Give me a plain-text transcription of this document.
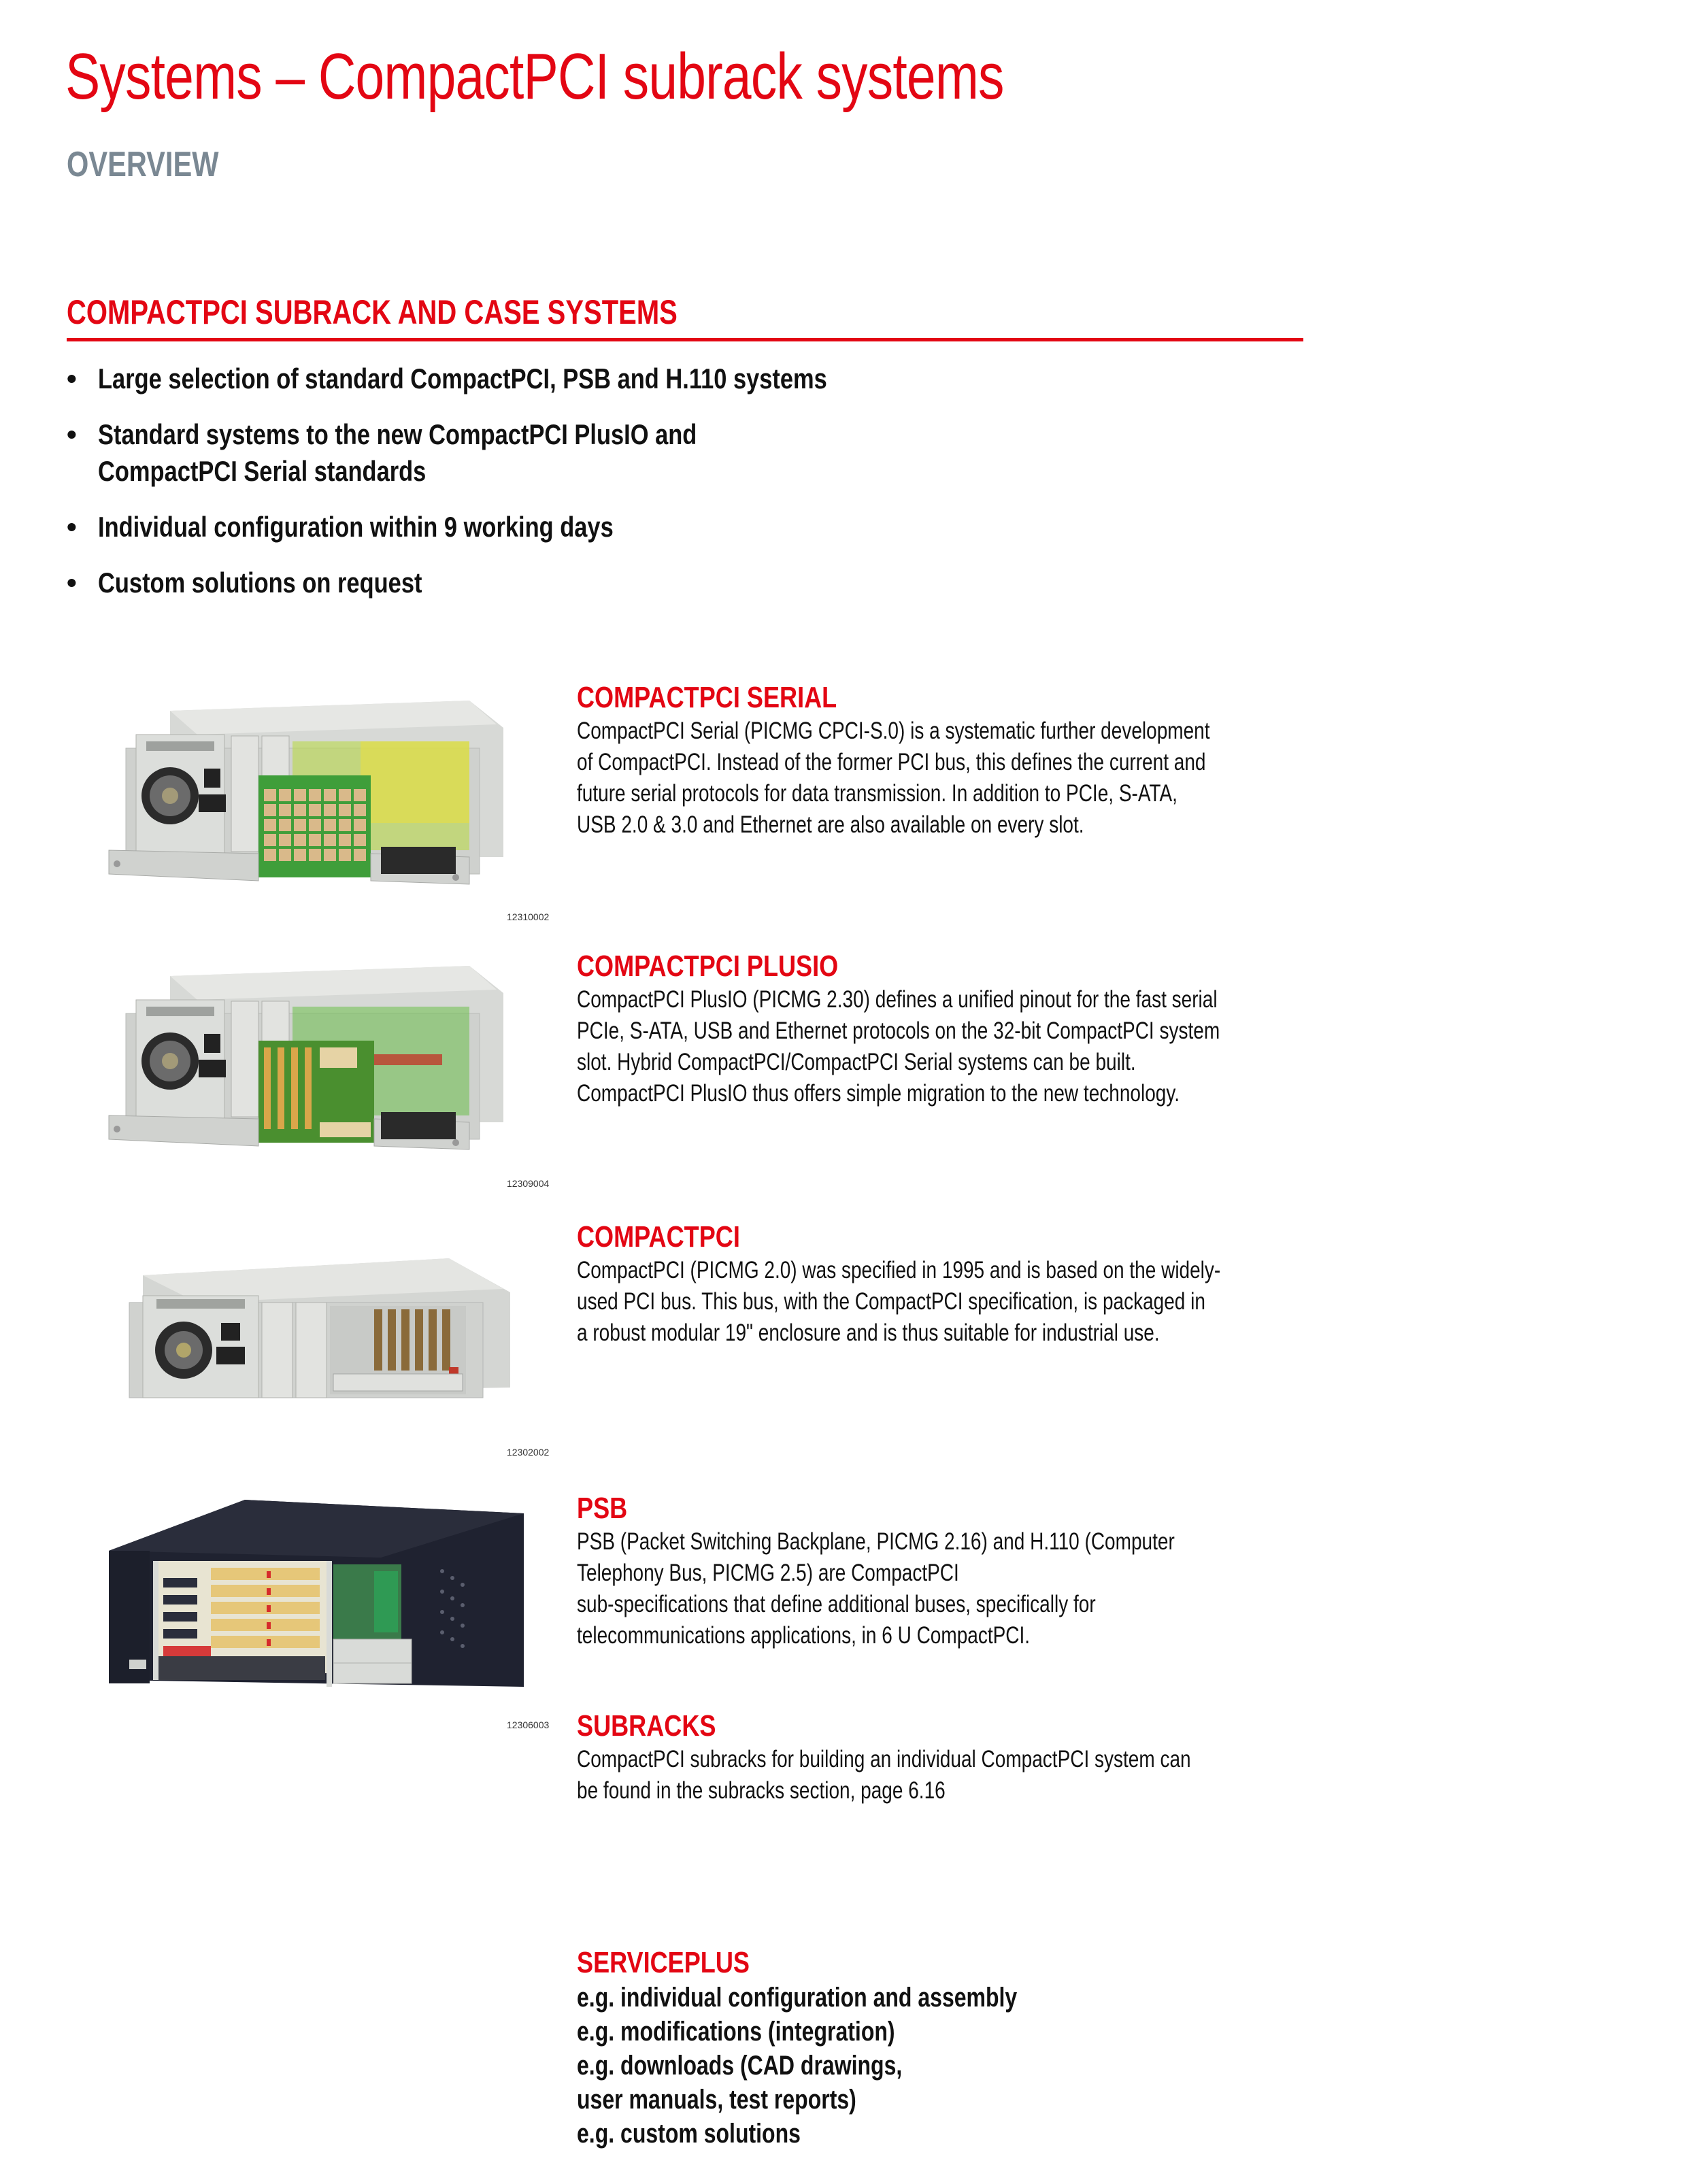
Systems – CompactPCI subrack systems
OVERVIEW
COMPACTPCI SUBRACK AND CASE SYSTEMS
• Large selection of standard CompactPCI, PSB and H.110 systems
• Standard systems to the new CompactPCI PlusIO and
CompactPCI Serial standards
• Individual configuration within 9 working days
• Custom solutions on request
12310002
12309004
12302002
12306003
COMPACTPCI SERIAL

CompactPCI Serial (PICMG CPCI-S.0) is a systematic further development
of CompactPCI. Instead of the former PCI bus, this defines the current and
future serial protocols for data transmission. In addition to PCIe, S-ATA,
USB 2.0 & 3.0 and Ethernet are also available on every slot.

COMPACTPCI PLUSIO

CompactPCI PlusIO (PICMG 2.30) defines a unified pinout for the fast serial
PCIe, S-ATA, USB and Ethernet protocols on the 32-bit CompactPCI system
slot. Hybrid CompactPCI/CompactPCI Serial systems can be built.
CompactPCI PlusIO thus offers simple migration to the new technology.

COMPACTPCI

CompactPCI (PICMG 2.0) was specified in 1995 and is based on the widely-
used PCI bus. This bus, with the CompactPCI specification, is packaged in
a robust modular 19" enclosure and is thus suitable for industrial use.

PSB

PSB (Packet Switching Backplane, PICMG 2.16) and H.110 (Computer
Telephony Bus, PICMG 2.5) are CompactPCI
sub-specifications that define additional buses, specifically for
telecommunications applications, in 6 U CompactPCI.

SUBRACKS

CompactPCI subracks for building an individual CompactPCI system can
be found in the subracks section, page 6.16

SERVICEPLUS
e.g. individual configuration and assembly
e.g. modifications (integration)
e.g. downloads (CAD drawings,
user manuals, test reports)
e.g. custom solutions
